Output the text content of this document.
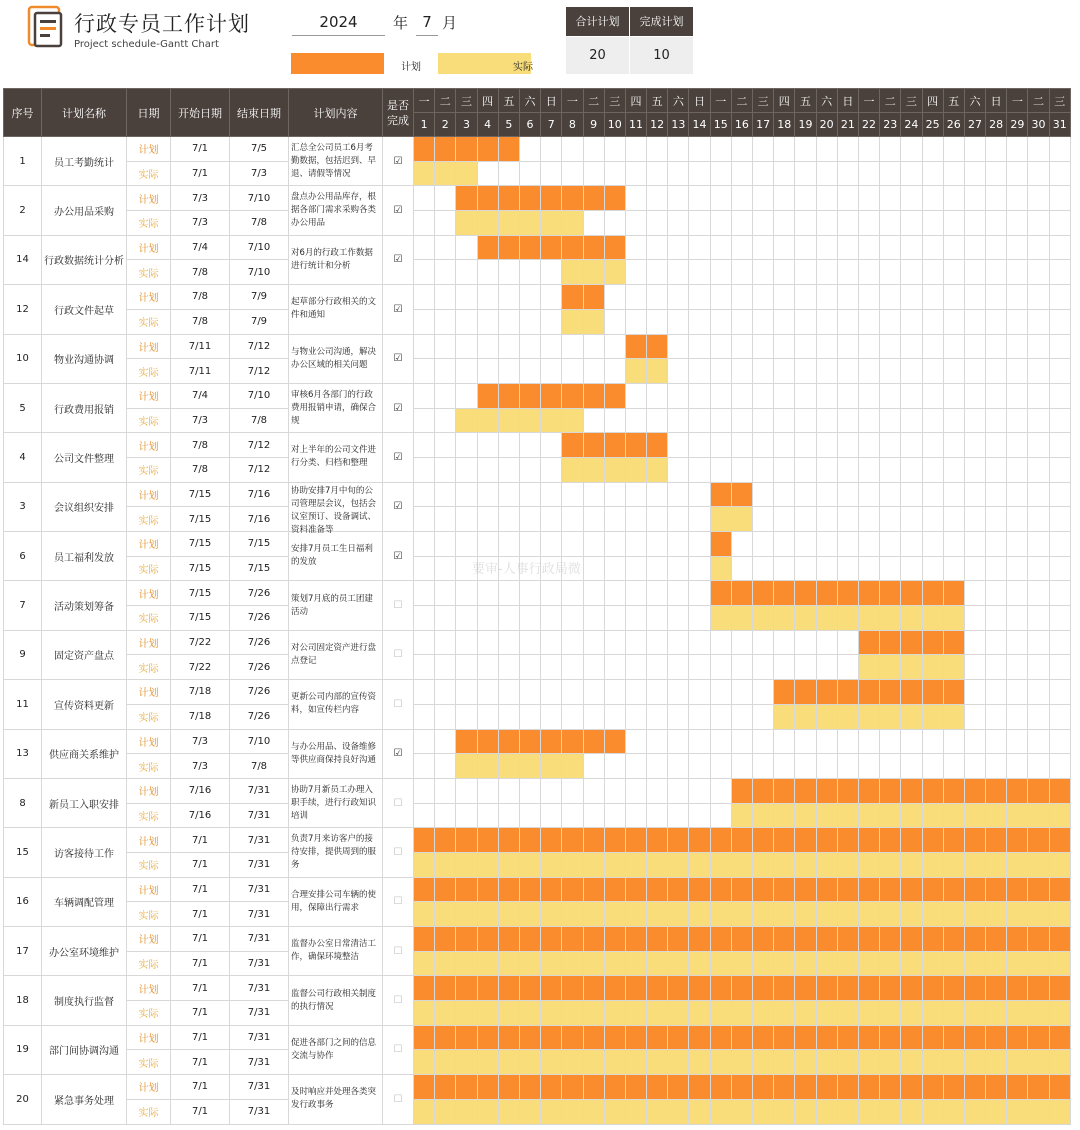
行政专员工作计划
Project schedule-Gantt Chart
2024	年 7 月
计划	实际
合计计划	完成计划
20	10
序号	计划名称	日期	开始日期	结束日期	计划内容	是否完成	一	二	三	四	五	六	日	一	二	三	四	五	六	日	一	二	三	四	五	六	日	一	二	三	四	五	六	日	一	二	三
							1	2	3	4	5	6	7	8	9	10	11	12	13	14	15	16	17	18	19	20	21	22	23	24	25	26	27	28	29	30	31
1	员工考勤统计	计划	7/1	7/5	汇总全公司员工6月考勤数据，包括迟到、早退、请假等情况	☑																															
		实际	7/1	7/3																																	
2	办公用品采购	计划	7/3	7/10	盘点办公用品库存，根据各部门需求采购各类办公用品	☑																															
		实际	7/3	7/8																																	
14	行政数据统计分析	计划	7/4	7/10	对6月的行政工作数据进行统计和分析	☑																															
		实际	7/8	7/10																																	
12	行政文件起草	计划	7/8	7/9	起草部分行政相关的文件和通知	☑																															
		实际	7/8	7/9																																	
10	物业沟通协调	计划	7/11	7/12	与物业公司沟通，解决办公区域的相关问题	☑																															
		实际	7/11	7/12																																	
5	行政费用报销	计划	7/4	7/10	审核6月各部门的行政费用报销申请，确保合规	☑																															
		实际	7/3	7/8																																	
4	公司文件整理	计划	7/8	7/12	对上半年的公司文件进行分类、归档和整理	☑																															
		实际	7/8	7/12																																	
3	会议组织安排	计划	7/15	7/16	协助安排7月中旬的公司管理层会议，包括会议室预订、设备调试、资料准备等	☑																															
		实际	7/15	7/16																																	
6	员工福利发放	计划	7/15	7/15	安排7月员工生日福利的发放	☑																															
		实际	7/15	7/15																																	
7	活动策划筹备	计划	7/15	7/26	策划7月底的员工团建活动	☐																															
		实际	7/15	7/26																																	
9	固定资产盘点	计划	7/22	7/26	对公司固定资产进行盘点登记	☐																															
		实际	7/22	7/26																																	
11	宣传资料更新	计划	7/18	7/26	更新公司内部的宣传资料，如宣传栏内容	☐																															
		实际	7/18	7/26																																	
13	供应商关系维护	计划	7/3	7/10	与办公用品、设备维修等供应商保持良好沟通	☑																															
		实际	7/3	7/8																																	
8	新员工入职安排	计划	7/16	7/31	协助7月新员工办理入职手续，进行行政知识培训	☐																															
		实际	7/16	7/31																																	
15	访客接待工作	计划	7/1	7/31	负责7月来访客户的接待安排，提供周到的服务	☐																															
		实际	7/1	7/31																																	
16	车辆调配管理	计划	7/1	7/31	合理安排公司车辆的使用，保障出行需求	☐																															
		实际	7/1	7/31																																	
17	办公室环境维护	计划	7/1	7/31	监督办公室日常清洁工作，确保环境整洁	☐																															
		实际	7/1	7/31																																	
18	制度执行监督	计划	7/1	7/31	监督公司行政相关制度的执行情况	☐																															
		实际	7/1	7/31																																	
19	部门间协调沟通	计划	7/1	7/31	促进各部门之间的信息交流与协作	☐																															
		实际	7/1	7/31																																	
20	紧急事务处理	计划	7/1	7/31	及时响应并处理各类突发行政事务	☐																															
		实际	7/1	7/31																																	
要审-人事行政局微
